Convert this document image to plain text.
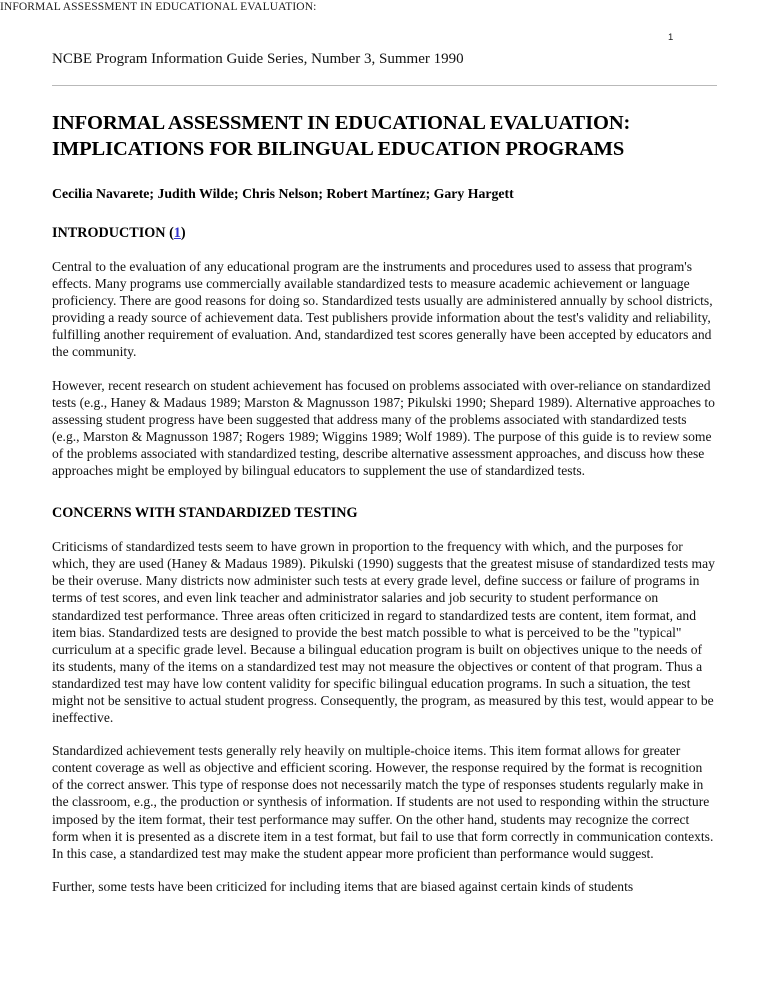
INFORMAL ASSESSMENT IN EDUCATIONAL EVALUATION:
1
NCBE Program Information Guide Series, Number 3, Summer 1990
INFORMAL ASSESSMENT IN EDUCATIONAL EVALUATION:
IMPLICATIONS FOR BILINGUAL EDUCATION PROGRAMS
Cecilia Navarete; Judith Wilde; Chris Nelson; Robert Martínez; Gary Hargett
INTRODUCTION (1)

Central to the evaluation of any educational program are the instruments and procedures used to assess that program's effects. Many programs use commercially available standardized tests to measure academic achievement or language proficiency. There are good reasons for doing so. Standardized tests usually are administered annually by school districts, providing a ready source of achievement data. Test publishers provide information about the test's validity and reliability, fulfilling another requirement of evaluation. And, standardized test scores generally have been accepted by educators and the community.

However, recent research on student achievement has focused on problems associated with over-reliance on standardized tests (e.g., Haney & Madaus 1989; Marston & Magnusson 1987; Pikulski 1990; Shepard 1989). Alternative approaches to assessing student progress have been suggested that address many of the problems associated with standardized tests (e.g., Marston & Magnusson 1987; Rogers 1989; Wiggins 1989; Wolf 1989). The purpose of this guide is to review some of the problems associated with standardized testing, describe alternative assessment approaches, and discuss how these approaches might be employed by bilingual educators to supplement the use of standardized tests.

CONCERNS WITH STANDARDIZED TESTING

Criticisms of standardized tests seem to have grown in proportion to the frequency with which, and the purposes for which, they are used (Haney & Madaus 1989). Pikulski (1990) suggests that the greatest misuse of standardized tests may be their overuse. Many districts now administer such tests at every grade level, define success or failure of programs in terms of test scores, and even link teacher and administrator salaries and job security to student performance on standardized test performance. Three areas often criticized in regard to standardized tests are content, item format, and item bias. Standardized tests are designed to provide the best match possible to what is perceived to be the "typical" curriculum at a specific grade level. Because a bilingual education program is built on objectives unique to the needs of its students, many of the items on a standardized test may not measure the objectives or content of that program. Thus a standardized test may have low content validity for specific bilingual education programs. In such a situation, the test might not be sensitive to actual student progress. Consequently, the program, as measured by this test, would appear to be ineffective.

Standardized achievement tests generally rely heavily on multiple-choice items. This item format allows for greater content coverage as well as objective and efficient scoring. However, the response required by the format is recognition of the correct answer. This type of response does not necessarily match the type of responses students regularly make in the classroom, e.g., the production or synthesis of information. If students are not used to responding within the structure imposed by the item format, their test performance may suffer. On the other hand, students may recognize the correct form when it is presented as a discrete item in a test format, but fail to use that form correctly in communication contexts. In this case, a standardized test may make the student appear more proficient than performance would suggest.

Further, some tests have been criticized for including items that are biased against certain kinds of students
